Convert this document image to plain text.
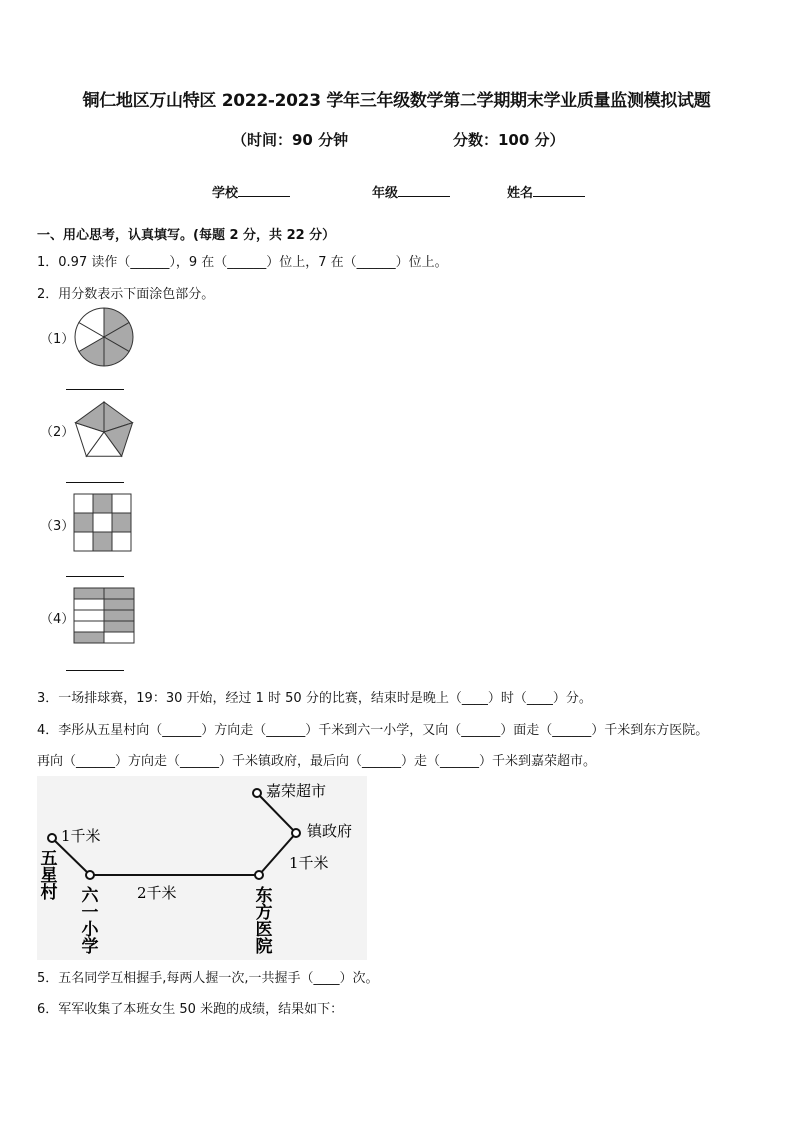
铜仁地区万山特区 2022-2023 学年三年级数学第二学期期末学业质量监测模拟试题
（时间：90 分钟	分数：100 分）
学校	年级	姓名
一、用心思考，认真填写。(每题 2 分，共 22 分）
1．0.97 读作（______），9 在（______）位上，7 在（______）位上。
2．用分数表示下面涂色部分。
（1）
（2）
（3）
（4）
3．一场排球赛，19：30 开始，经过 1 时 50 分的比赛，结束时是晚上（____）时（____）分。
4．李彤从五星村向（______）方向走（______）千米到六一小学，又向（______）面走（______）千米到东方医院。
再向（______）方向走（______）千米镇政府，最后向（______）走（______）千米到嘉荣超市。
1千米
2千米
1千米
嘉荣超市
镇政府
五
星
村 六
一
小
学
东
方
医
院
5．五名同学互相握手,每两人握一次,一共握手（____）次。
6．军军收集了本班女生 50 米跑的成绩，结果如下：
